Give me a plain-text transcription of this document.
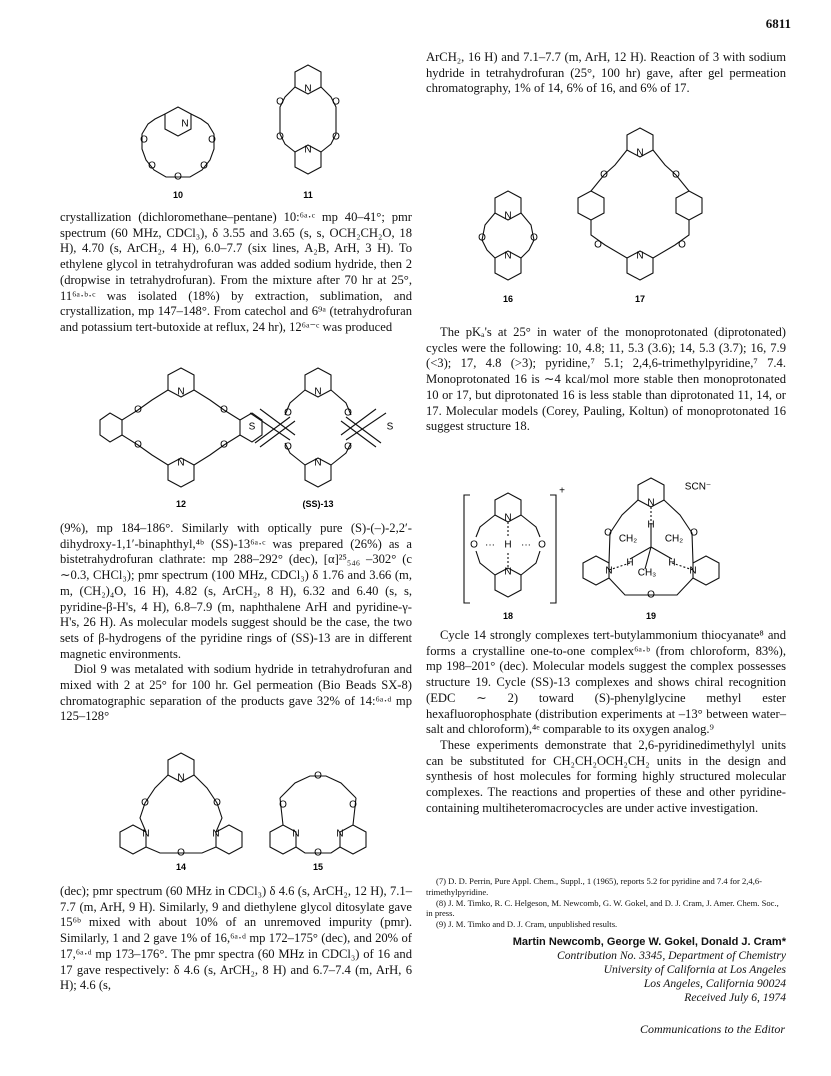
6811
N
O	O
O	O
O
10
N
N
O	O
O	O
11

crystallization (dichloromethane–pentane) 10:⁶ᵃ·ᶜ mp 40–41°; pmr spectrum (60 MHz, CDCl₃), δ 3.55 and 3.65 (s, s, OCH₂CH₂O, 18 H), 4.70 (s, ArCH₂, 4 H), 6.0–7.7 (six lines, A₂B, ArH, 3 H). To ethylene glycol in tetrahydrofuran was added sodium hydride, then 2 (dropwise in tetrahydrofuran). From the mixture after 70 hr at 25°, 11⁶ᵃ·ᵇ·ᶜ was isolated (18%) by extraction, sublimation, and crystallization, mp 147–148°. From catechol and 6⁹ᵃ (tetrahydrofuran and potassium tert-butoxide at reflux, 24 hr), 12⁶ᵃ⁻ᶜ was produced

N
N
O
O
O
O
12
N
N
O
O
O
O
S	S
(SS)-13

(9%), mp 184–186°. Similarly with optically pure (S)-(–)-2,2′-dihydroxy-1,1′-binaphthyl,⁴ᵇ (SS)-13⁶ᵃ·ᶜ was prepared (26%) as a bistetrahydrofuran clathrate: mp 288–292° (dec), [α]²⁵₅₄₆ –302° (c ∼0.3, CHCl₃); pmr spectrum (100 MHz, CDCl₃) δ 1.76 and 3.66 (m, m, (CH₂)₄O, 16 H), 4.82 (s, ArCH₂, 8 H), 6.32 and 6.40 (s, s, pyridine-β-H's, 4 H), 6.8–7.9 (m, naphthalene ArH and pyridine-γ-H's, 26 H). As molecular models suggest should be the case, the two sets of β-hydrogens of the pyridine rings of (SS)-13 are in different magnetic environments.

Diol 9 was metalated with sodium hydride in tetrahydrofuran and mixed with 2 at 25° for 100 hr. Gel permeation (Bio Beads SX-8) chromatographic separation of the products gave 32% of 14:⁶ᵃ·ᵈ mp 125–128°

N
N	N
O	O
O
14
O
O	O
N	N
O
15

(dec); pmr spectrum (60 MHz in CDCl₃) δ 4.6 (s, ArCH₂, 12 H), 7.1–7.7 (m, ArH, 9 H). Similarly, 9 and diethylene glycol ditosylate gave 15⁶ᵇ mixed with about 10% of an unremoved impurity (pmr). Similarly, 1 and 2 gave 1% of 16,⁶ᵃ·ᵈ mp 172–175° (dec), and 20% of 17,⁶ᵃ·ᵈ mp 173–176°. The pmr spectra (60 MHz in CDCl₃) of 16 and 17 gave respectively: δ 4.6 (s, ArCH₂, 8 H) and 6.7–7.4 (m, ArH, 6 H); 4.6 (s,

ArCH₂, 16 H) and 7.1–7.7 (m, ArH, 12 H). Reaction of 3 with sodium hydride in tetrahydrofuran (25°, 100 hr) gave, after gel permeation chromatography, 1% of 14, 6% of 16, and 6% of 17.

N
N
O	O
16
N
N
O	O
O	O
17

The pKₐ's at 25° in water of the monoprotonated (diprotonated) cycles were the following: 10, 4.8; 11, 5.3 (3.6); 14, 5.3 (3.7); 16, 7.9 (<3); 17, 4.8 (>3); pyridine,⁷ 5.1; 2,4,6-trimethylpyridine,⁷ 7.4. Monoprotonated 16 is ∼4 kcal/mol more stable then monoprotonated 10 or 17, but diprotonated 16 is less stable than diprotonated 11, 14, or 17. Molecular models (Corey, Pauling, Koltun) of monoprotonated 16 suggest structure 18.

+
N
N
O ··· H ··· O
18
N
H
CH₂	CH₂
H	H
CH₃
O	O
N	N
O
SCN⁻
19

Cycle 14 strongly complexes tert-butylammonium thiocyanate⁸ and forms a crystalline one-to-one complex⁶ᵃ·ᵇ (from chloroform, 83%), mp 198–201° (dec). Molecular models suggest the complex possesses structure 19. Cycle (SS)-13 complexes and shows chiral recognition (EDC ∼ 2) toward (S)-phenylglycine methyl ester hexafluorophosphate (distribution experiments at –13° between water–salt and chloroform),⁴ᵉ comparable to its oxygen analog.⁹

These experiments demonstrate that 2,6-pyridinedimethylyl units can be substituted for CH₂CH₂OCH₂CH₂ units in the design and synthesis of host molecules for forming highly structured molecular complexes. The reactions and properties of these and other pyridine-containing multiheteromacrocycles are under active investigation.

(7) D. D. Perrin, Pure Appl. Chem., Suppl., 1 (1965), reports 5.2 for pyridine and 7.4 for 2,4,6-trimethylpyridine.

(8) J. M. Timko, R. C. Helgeson, M. Newcomb, G. W. Gokel, and D. J. Cram, J. Amer. Chem. Soc., in press.

(9) J. M. Timko and D. J. Cram, unpublished results.

Martin Newcomb, George W. Gokel, Donald J. Cram*
Contribution No. 3345, Department of Chemistry
University of California at Los Angeles
Los Angeles, California 90024
Received July 6, 1974
Communications to the Editor
